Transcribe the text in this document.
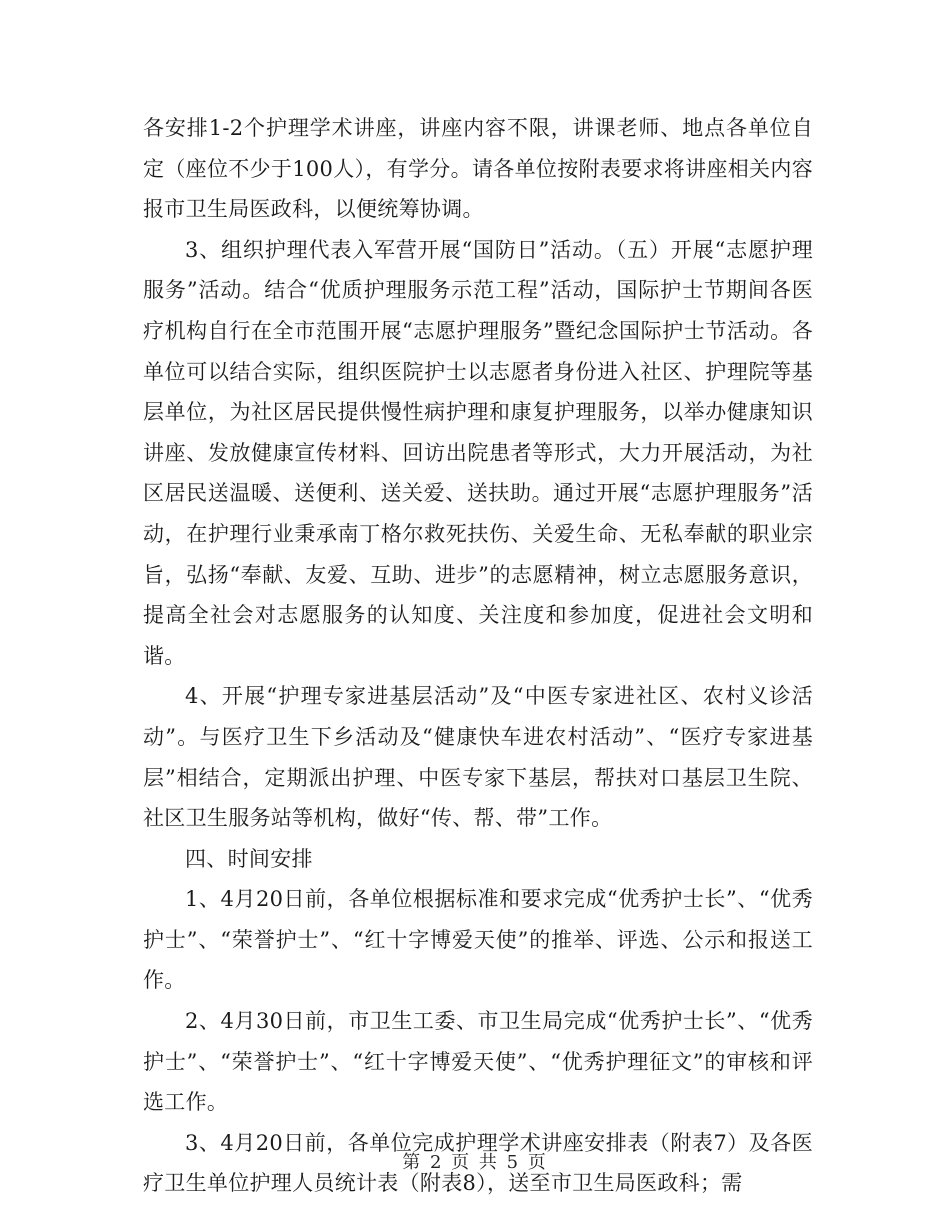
各安排1-2个护理学术讲座，讲座内容不限，讲课老师、地点各单位自定（座位不少于100人），有学分。请各单位按附表要求将讲座相关内容报市卫生局医政科，以便统筹协调。

3、组织护理代表入军营开展“国防日”活动。（五）开展“志愿护理服务”活动。结合“优质护理服务示范工程”活动，国际护士节期间各医疗机构自行在全市范围开展“志愿护理服务”暨纪念国际护士节活动。各单位可以结合实际，组织医院护士以志愿者身份进入社区、护理院等基层单位，为社区居民提供慢性病护理和康复护理服务，以举办健康知识讲座、发放健康宣传材料、回访出院患者等形式，大力开展活动，为社区居民送温暖、送便利、送关爱、送扶助。通过开展“志愿护理服务”活动，在护理行业秉承南丁格尔救死扶伤、关爱生命、无私奉献的职业宗旨，弘扬“奉献、友爱、互助、进步”的志愿精神，树立志愿服务意识，提高全社会对志愿服务的认知度、关注度和参加度，促进社会文明和谐。

4、开展“护理专家进基层活动”及“中医专家进社区、农村义诊活动”。与医疗卫生下乡活动及“健康快车进农村活动”、“医疗专家进基层”相结合，定期派出护理、中医专家下基层，帮扶对口基层卫生院、社区卫生服务站等机构，做好“传、帮、带”工作。

四、时间安排

1、4月20日前，各单位根据标准和要求完成“优秀护士长”、“优秀护士”、“荣誉护士”、“红十字博爱天使”的推举、评选、公示和报送工作。

2、4月30日前，市卫生工委、市卫生局完成“优秀护士长”、“优秀护士”、“荣誉护士”、“红十字博爱天使”、“优秀护理征文”的审核和评选工作。

3、4月20日前，各单位完成护理学术讲座安排表（附表7）及各医疗卫生单位护理人员统计表（附表8），送至市卫生局医政科；需

第 2 页 共 5 页
